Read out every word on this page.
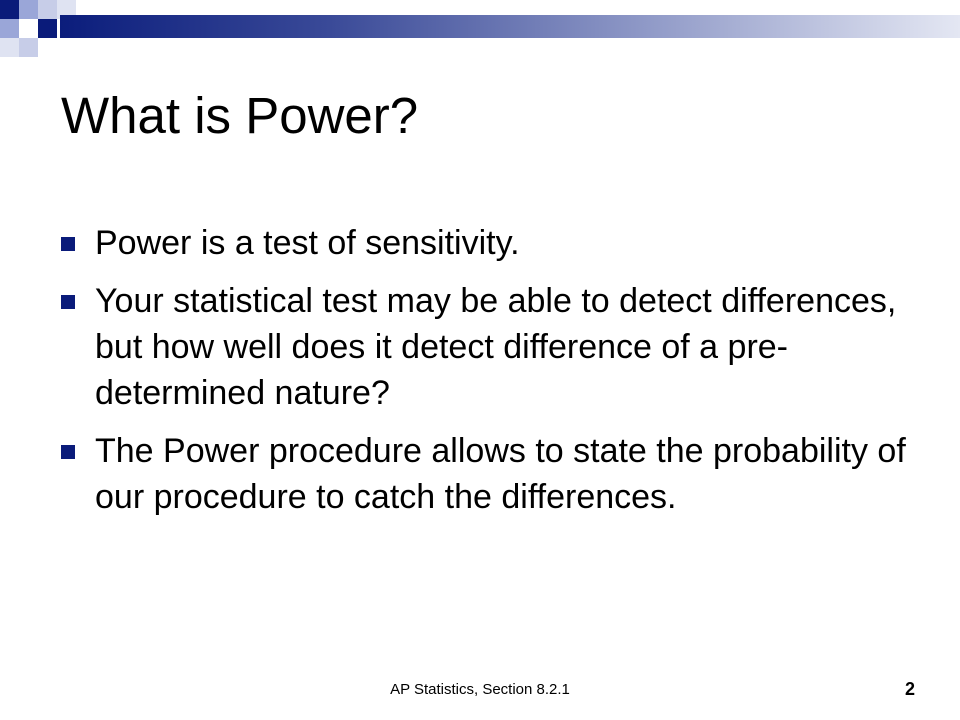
What is Power?
Power is a test of sensitivity.
Your statistical test may be able to detect differences, but how well does it detect difference of a pre-determined nature?
The Power procedure allows to state the probability of our procedure to catch the differences.
AP Statistics, Section 8.2.1	2
